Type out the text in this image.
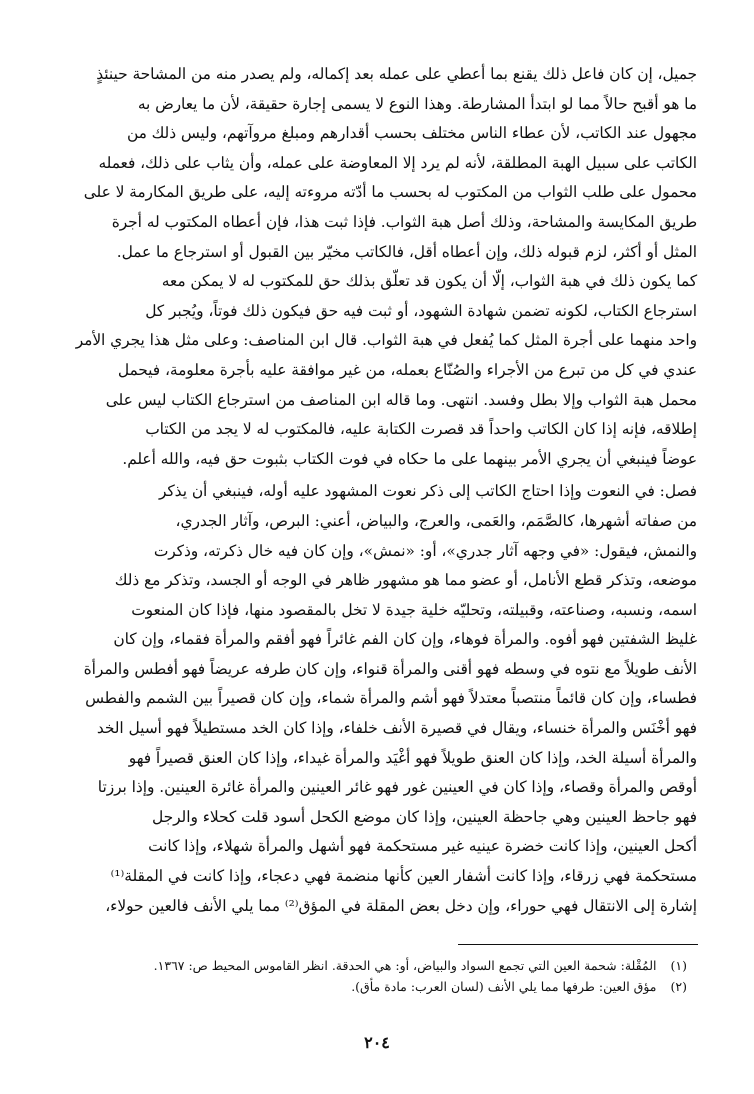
جميل، إن كان فاعل ذلك يقنع بما أعطي على عمله بعد إكماله، ولم يصدر منه من المشاحة حينئذٍ

ما هو أقبح حالاً مما لو ابتدأ المشارطة. وهذا النوع لا يسمى إجارة حقيقة، لأن ما يعارض به

مجهول عند الكاتب، لأن عطاء الناس مختلف بحسب أقدارهم ومبلغ مروآتهم، وليس ذلك من

الكاتب على سبيل الهبة المطلقة، لأنه لم يرد إلا المعاوضة على عمله، وأن يثاب على ذلك، فعمله

محمول على طلب الثواب من المكتوب له بحسب ما أدّته مروءته إليه، على طريق المكارمة لا على

طريق المكايسة والمشاحة، وذلك أصل هبة الثواب. فإذا ثبت هذا، فإن أعطاه المكتوب له أجرة

المثل أو أكثر، لزم قبوله ذلك، وإن أعطاه أقل، فالكاتب مخيّر بين القبول أو استرجاع ما عمل.

كما يكون ذلك في هبة الثواب، إلّا أن يكون قد تعلّق بذلك حق للمكتوب له لا يمكن معه

استرجاع الكتاب، لكونه تضمن شهادة الشهود، أو ثبت فيه حق فيكون ذلك فوتاً، ويُجبر كل

واحد منهما على أجرة المثل كما يُفعل في هبة الثواب. قال ابن المناصف: وعلى مثل هذا يجري الأمر

عندي في كل من تبرع من الأجراء والصُنّاع بعمله، من غير موافقة عليه بأجرة معلومة، فيحمل

محمل هبة الثواب وإلا بطل وفسد. انتهى. وما قاله ابن المناصف من استرجاع الكتاب ليس على

إطلاقه، فإنه إذا كان الكاتب واحداً قد قصرت الكتابة عليه، فالمكتوب له لا يجد من الكتاب

عوضاً فينبغي أن يجري الأمر بينهما على ما حكاه في فوت الكتاب بثبوت حق فيه، والله أعلم.

فصل: في النعوت وإذا احتاج الكاتب إلى ذكر نعوت المشهود عليه أوله، فينبغي أن يذكر

من صفاته أشهرها، كالصَّمَم، والعَمى، والعرج، والبياض، أعني: البرص، وآثار الجدري،

والنمش، فيقول: «في وجهه آثار جدري»، أو: «نمش»، وإن كان فيه خال ذكرته، وذكرت

موضعه، وتذكر قطع الأنامل، أو عضو مما هو مشهور ظاهر في الوجه أو الجسد، وتذكر مع ذلك

اسمه، ونسبه، وصناعته، وقبيلته، وتحليّه خلية جيدة لا تخل بالمقصود منها، فإذا كان المنعوت

غليظ الشفتين فهو أفوه. والمرأة فوهاء، وإن كان الفم غائراً فهو أفقم والمرأة فقماء، وإن كان

الأنف طويلاً مع نتوه في وسطه فهو أقنى والمرأة قنواء، وإن كان طرفه عريضاً فهو أفطس والمرأة

فطساء، وإن كان قائماً منتصباً معتدلاً فهو أشم والمرأة شماء، وإن كان قصيراً بين الشمم والفطس

فهو أخْنَس والمرأة خنساء، ويقال في قصيرة الأنف خلفاء، وإذا كان الخد مستطيلاً فهو أسيل الخد

والمرأة أسيلة الخد، وإذا كان العنق طويلاً فهو أغْيَد والمرأة غيداء، وإذا كان العنق قصيراً فهو

أوقص والمرأة وقصاء، وإذا كان في العينين غور فهو غائر العينين والمرأة غائرة العينين. وإذا برزتا

فهو جاحظ العينين وهي جاحظة العينين، وإذا كان موضع الكحل أسود قلت كحلاء والرجل

أكحل العينين، وإذا كانت خضرة عينيه غير مستحكمة فهو أشهل والمرأة شهلاء، وإذا كانت

مستحكمة فهي زرقاء، وإذا كانت أشفار العين كأنها منضمة فهي دعجاء، وإذا كانت في المقلة⁽¹⁾

إشارة إلى الانتقال فهي حوراء، وإن دخل بعض المقلة في المؤق⁽²⁾ مما يلي الأنف فالعين حولاء،

(١)المُقْلة: شحمة العين التي تجمع السواد والبياض، أو: هي الحدقة. انظر القاموس المحيط ص: ١٣٦٧.

(٢)مؤق العين: طرفها مما يلي الأنف (لسان العرب: مادة مأق).

٢٠٤
